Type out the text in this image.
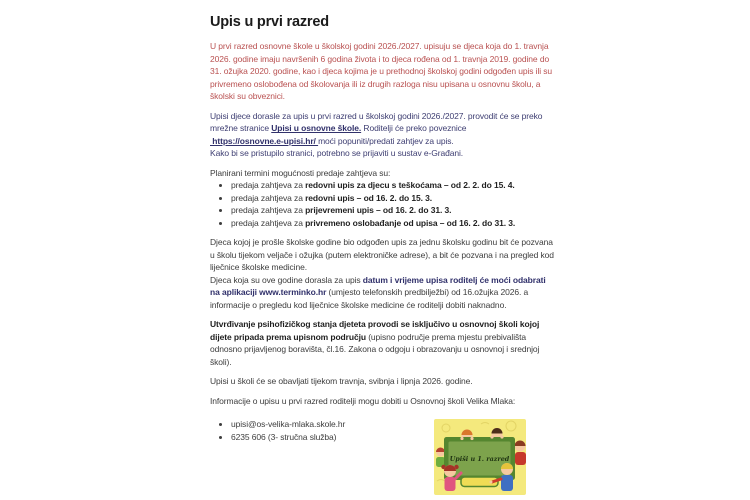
Upis u prvi razred

U prvi razred osnovne škole u školskoj godini 2026./2027. upisuju se djeca koja do 1. travnja 2026. godine imaju navršenih 6 godina života i to djeca rođena od 1. travnja 2019. godine do 31. ožujka 2020. godine, kao i djeca kojima je u prethodnoj školskoj godini odgođen upis ili su privremeno oslobođena od školovanja ili iz drugih razloga nisu upisana u osnovnu školu, a školski su obveznici.

Upisi djece dorasle za upis u prvi razred u školskoj godini 2026./2027. provodit će se preko mrežne stranice Upisi u osnovne škole. Roditelji će preko poveznice
https://osnovne.e-upisi.hr/ moći popuniti/predati zahtjev za upis.
Kako bi se pristupilo stranici, potrebno se prijaviti u sustav e-Građani.

Planirani termini mogućnosti predaje zahtjeva su:

• predaja zahtjeva za redovni upis za djecu s teškoćama – od 2. 2. do 15. 4.
• predaja zahtjeva za redovni upis – od 16. 2. do 15. 3.
• predaja zahtjeva za prijevremeni upis – od 16. 2. do 31. 3.
• predaja zahtjeva za privremeno oslobađanje od upisa – od 16. 2. do 31. 3.

Djeca kojoj je prošle školske godine bio odgođen upis za jednu školsku godinu bit će pozvana u školu tijekom veljače i ožujka (putem elektroničke adrese), a bit će pozvana i na pregled kod liječnice školske medicine.
Djeca koja su ove godine dorasla za upis datum i vrijeme upisa roditelj će moći odabrati na aplikaciji www.terminko.hr (umjesto telefonskih predbilježbi) od 16.ožujka 2026. a informacije o pregledu kod liječnice školske medicine će roditelji dobiti naknadno.

Utvrđivanje psihofizičkog stanja djeteta provodi se isključivo u osnovnoj školi kojoj dijete pripada prema upisnom području (upisno područje prema mjestu prebivališta odnosno prijavljenog boravišta, čl.16. Zakona o odgoju i obrazovanju u osnovnoj i srednjoj školi).

Upisi u školi će se obavljati tijekom travnja, svibnja i lipnja 2026. godine.

Informacije o upisu u prvi razred roditelji mogu dobiti u Osnovnoj školi Velika Mlaka:

• upisi@os-velika-mlaka.skole.hr
• 6235 606 (3- stručna služba)
Upiši u 1. razred
